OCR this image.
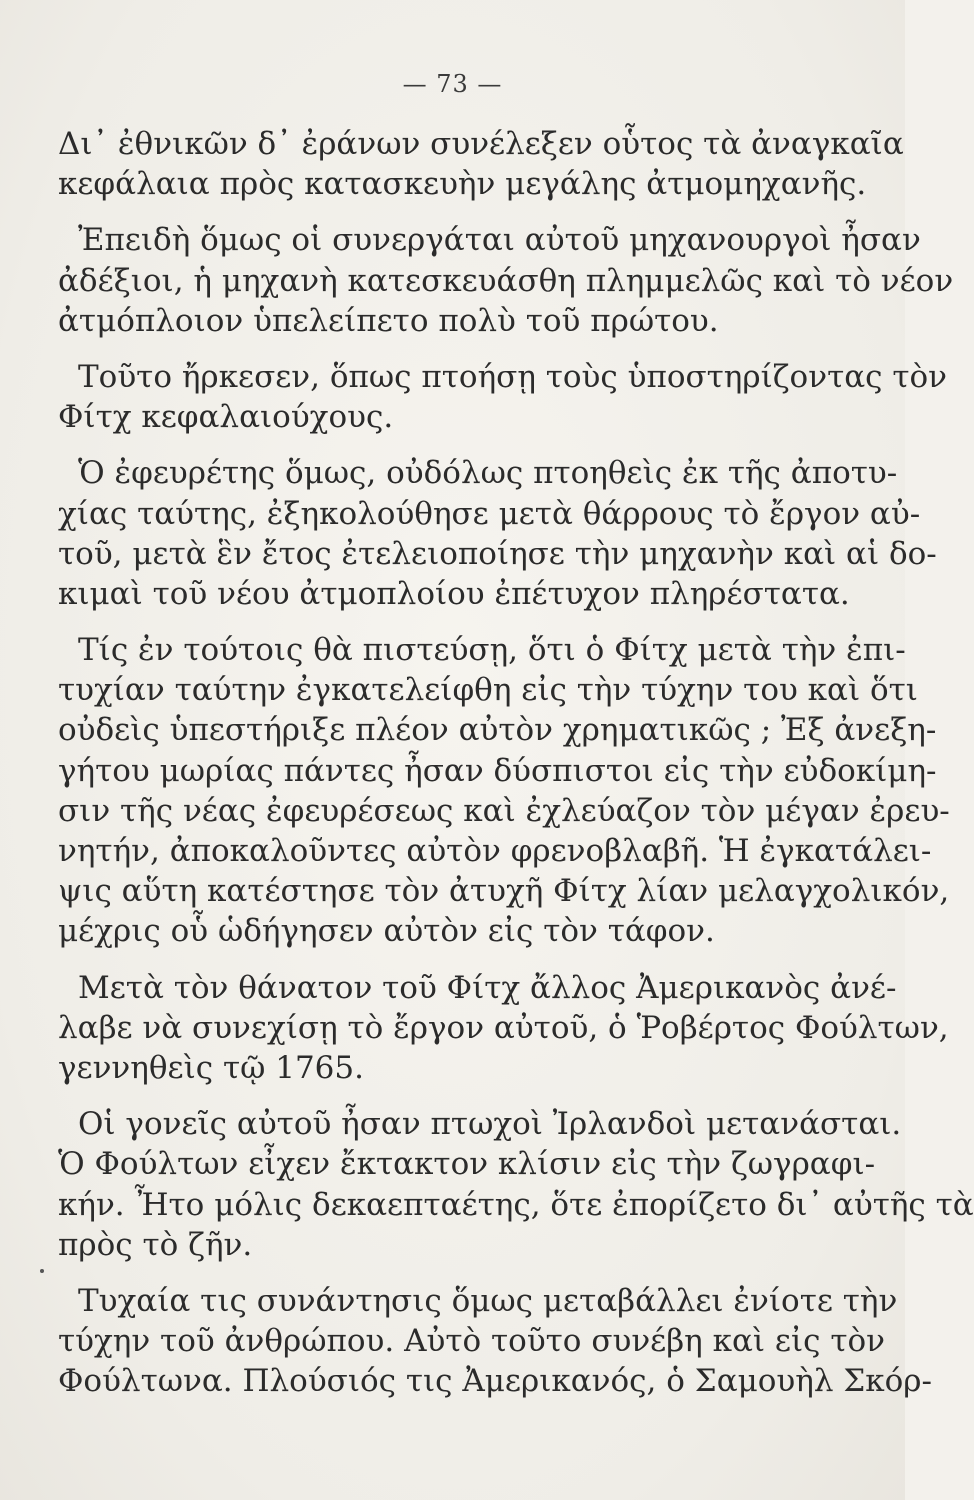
— 73 —
Δι᾽ ἐθνικῶν δ᾽ ἐράνων συνέλεξεν οὗτος τὰ ἀναγκαῖα
κεφάλαια πρὸς κατασκευὴν μεγάλης ἀτμομηχανῆς.
Ἐπειδὴ ὅμως οἱ συνεργάται αὐτοῦ μηχανουργοὶ ἦσαν
ἀδέξιοι, ἡ μηχανὴ κατεσκευάσθη πλημμελῶς καὶ τὸ νέον
ἀτμόπλοιον ὑπελείπετο πολὺ τοῦ πρώτου.
Τοῦτο ἤρκεσεν, ὅπως πτοήσῃ τοὺς ὑποστηρίζοντας τὸν
Φίτχ κεφαλαιούχους.
Ὁ ἐφευρέτης ὅμως, οὐδόλως πτοηθεὶς ἐκ τῆς ἀποτυ-
χίας ταύτης, ἐξηκολούθησε μετὰ θάρρους τὸ ἔργον αὐ-
τοῦ, μετὰ ἓν ἔτος ἐτελειοποίησε τὴν μηχανὴν καὶ αἱ δο-
κιμαὶ τοῦ νέου ἀτμοπλοίου ἐπέτυχον πληρέστατα.
Τίς ἐν τούτοις θὰ πιστεύσῃ, ὅτι ὁ Φίτχ μετὰ τὴν ἐπι-
τυχίαν ταύτην ἐγκατελείφθη εἰς τὴν τύχην του καὶ ὅτι
οὐδεὶς ὑπεστήριξε πλέον αὐτὸν χρηματικῶς ; Ἐξ ἀνεξη-
γήτου μωρίας πάντες ἦσαν δύσπιστοι εἰς τὴν εὐδοκίμη-
σιν τῆς νέας ἐφευρέσεως καὶ ἐχλεύαζον τὸν μέγαν ἐρευ-
νητήν, ἀποκαλοῦντες αὐτὸν φρενοβλαβῆ. Ἡ ἐγκατάλει-
ψις αὕτη κατέστησε τὸν ἀτυχῆ Φίτχ λίαν μελαγχολικόν,
μέχρις οὗ ὡδήγησεν αὐτὸν εἰς τὸν τάφον.
Μετὰ τὸν θάνατον τοῦ Φίτχ ἄλλος Ἀμερικανὸς ἀνέ-
λαβε νὰ συνεχίσῃ τὸ ἔργον αὐτοῦ, ὁ Ῥοβέρτος Φούλτων,
γεννηθεὶς τῷ 1765.
Οἱ γονεῖς αὐτοῦ ἦσαν πτωχοὶ Ἰρλανδοὶ μετανάσται.
Ὁ Φούλτων εἶχεν ἔκτακτον κλίσιν εἰς τὴν ζωγραφι-
κήν. Ἦτο μόλις δεκαεπταέτης, ὅτε ἐπορίζετο δι᾽ αὐτῆς τὰ
πρὸς τὸ ζῆν.
Τυχαία τις συνάντησις ὅμως μεταβάλλει ἐνίοτε τὴν
τύχην τοῦ ἀνθρώπου. Αὐτὸ τοῦτο συνέβη καὶ εἰς τὸν
Φούλτωνα. Πλούσιός τις Ἀμερικανός, ὁ Σαμουὴλ Σκόρ-
